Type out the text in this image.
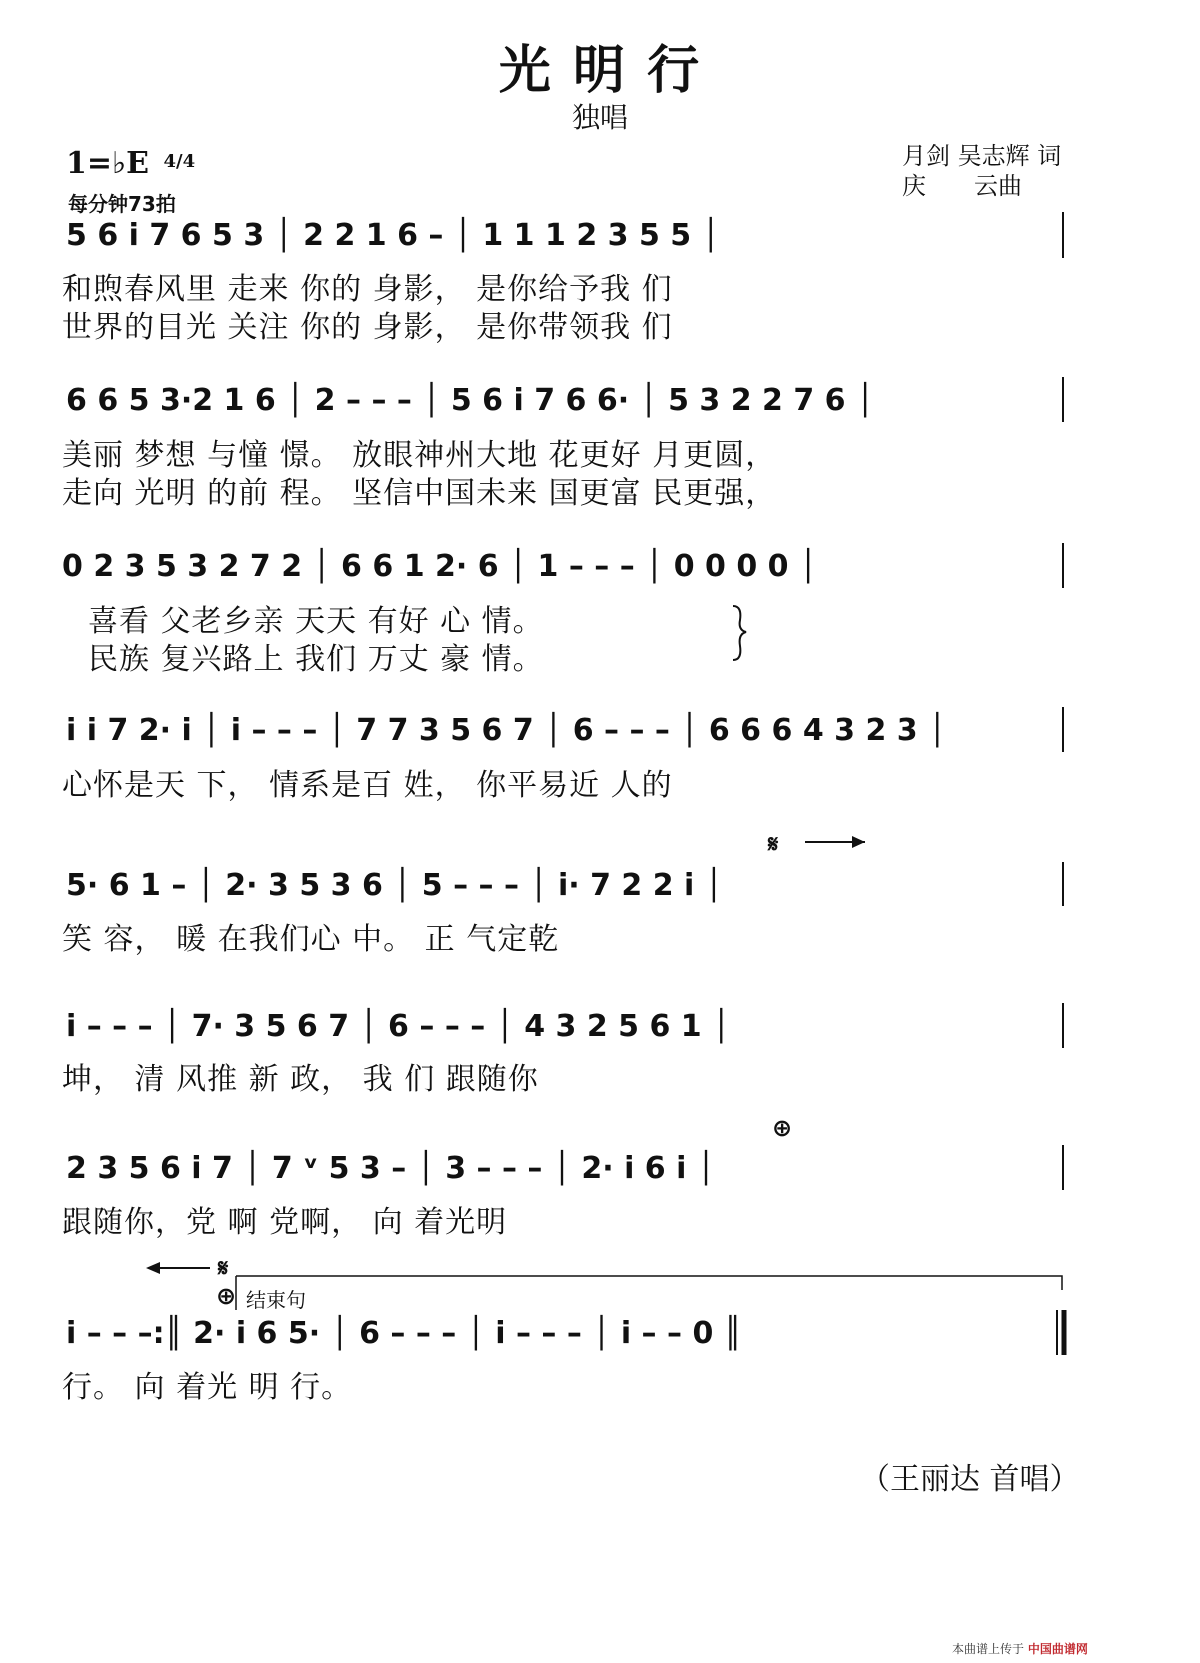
光 明 行
独唱
月剑 吴志辉 词
庆　　云曲
1=♭E $^{4/4}$
每分钟73拍
5 6 i 7 6 5 3 │ 2 2 1 6 – │ 1 1 1 2 3 5 5 │
和煦春风里 走来 你的 身影， 是你给予我 们
世界的目光 关注 你的 身影， 是你带领我 们
6 6 5 3·2 1 6 │ 2 – – – │ 5 6 i 7 6 6· │ 5 3 2 2 7 6 │
美丽 梦想 与憧 憬。 放眼神州大地 花更好 月更圆，
走向 光明 的前 程。 坚信中国未来 国更富 民更强，
0 2 3 5 3 2 7 2 │ 6 6 1 2· 6 │ 1 – – – │ 0 0 0 0 │
喜看 父老乡亲 天天 有好 心 情。
民族 复兴路上 我们 万丈 豪 情。
i i 7 2· i │ i – – – │ 7 7 3 5 6 7 │ 6 – – – │ 6 6 6 4 3 2 3 │
心怀是天 下， 情系是百 姓， 你平易近 人的
𝄋
5· 6 1 – │ 2· 3 5 3 6 │ 5 – – – │ i· 7 2 2 i │
笑 容， 暖 在我们心 中。 正 气定乾
i – – – │ 7· 3 5 6 7 │ 6 – – – │ 4 3 2 5 6 1 │
坤， 清 风推 新 政， 我 们 跟随你
⊕
2 3 5 6 i 7 │ 7 ᵛ 5 3 – │ 3 – – – │ 2· i 6 i │
跟随你，党 啊 党啊， 向 着光明
𝄋
⊕ 结束句
i – – –:║ 2· i 6 5· │ 6 – – – │ i – – – │ i – – 0 ║
行。 向 着光 明 行。
（王丽达 首唱）
本曲谱上传于 中国曲谱网
